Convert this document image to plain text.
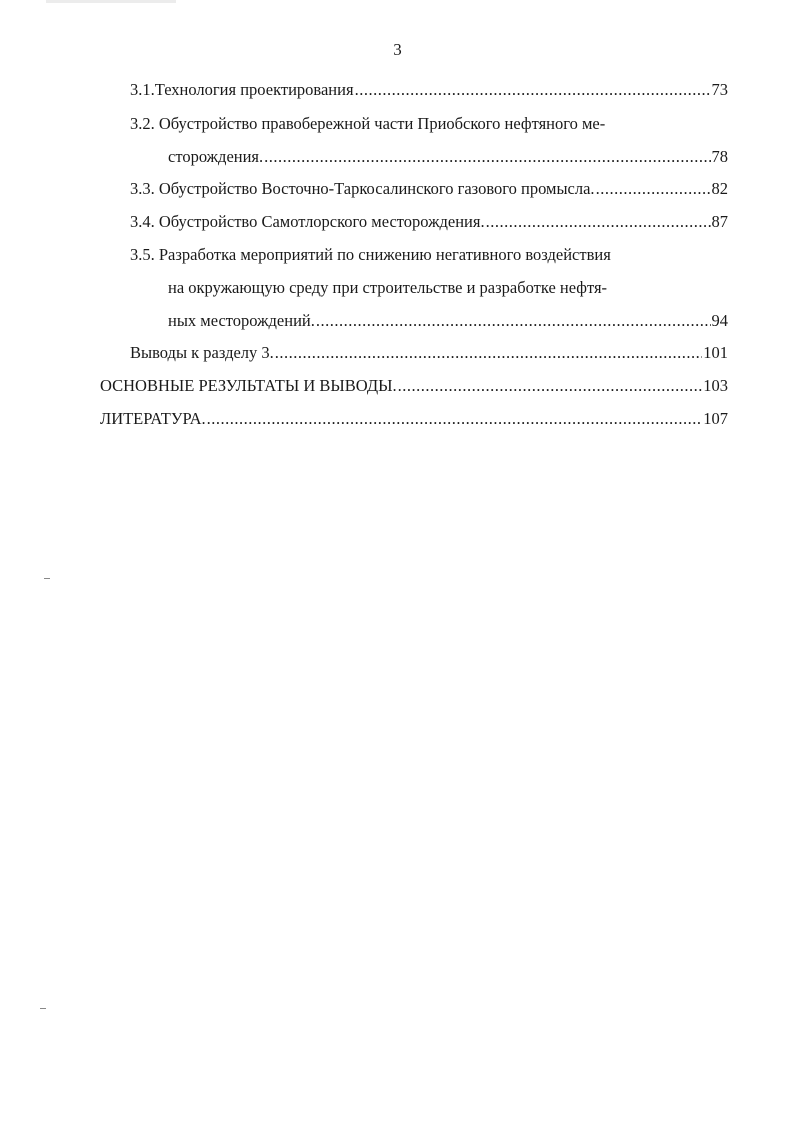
3
3.1.Технология проектирования .....	73
3.2. Обустройство правобережной части Приобского нефтяного ме-
сторождения. .....	78
3.3. Обустройство Восточно-Таркосалинского газового промысла. .....	82
3.4. Обустройство Самотлорского месторождения. .....	87
3.5. Разработка мероприятий по снижению негативного воздействия
на окружающую среду при строительстве и разработке нефтя-
ных месторождений. .....	94
Выводы к разделу 3. .....	101
ОСНОВНЫЕ РЕЗУЛЬТАТЫ И ВЫВОДЫ. .....	103
ЛИТЕРАТУРА. .....	107
